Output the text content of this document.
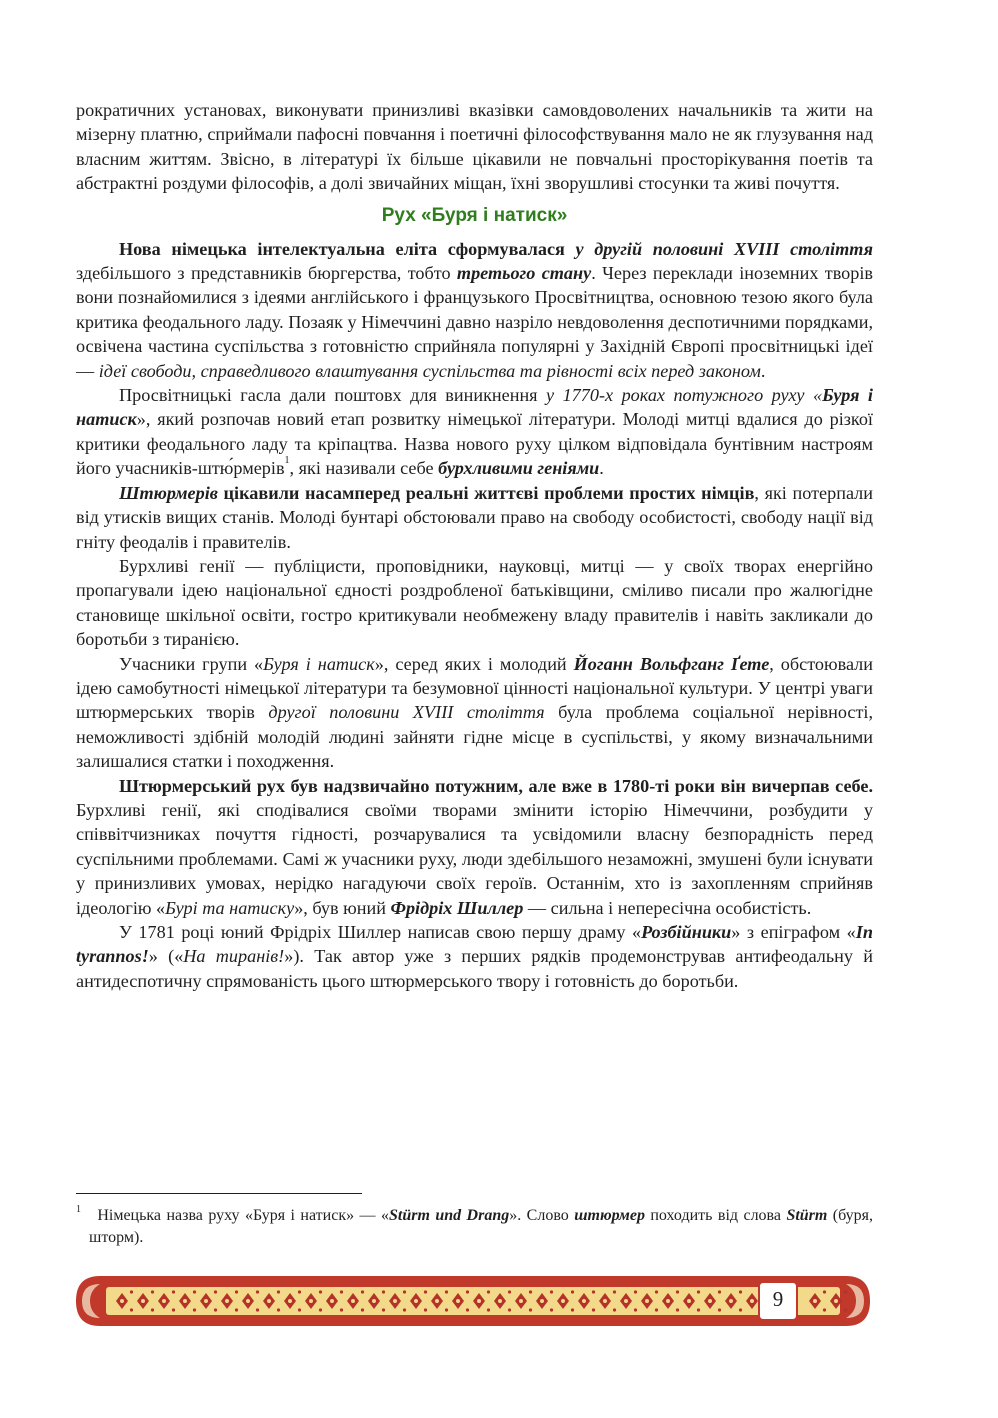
рократичних установах, виконувати принизливі вказівки самовдоволених начальників та жити на мізерну платню, сприймали пафосні повчання і поетичні філософствування мало не як глузування над власним життям. Звісно, в літературі їх більше цікавили не повчальні просторікування поетів та абстрактні роздуми філософів, а долі звичайних міщан, їхні зворушливі стосунки та живі почуття.

Рух «Буря і натиск»

Нова німецька інтелектуальна еліта сформувалася у другій половині XVIII століття здебільшого з представників бюргерства, тобто третього стану. Через переклади іноземних творів вони познайомилися з ідеями англійського і французького Просвітництва, основною тезою якого була критика феодального ладу. Позаяк у Німеччині давно назріло невдоволення деспотичними порядками, освічена частина суспільства з готовністю сприйняла популярні у Західній Європі просвітницькі ідеї — ідеї свободи, справедливого влаштування суспільства та рівності всіх перед законом.

Просвітницькі гасла дали поштовх для виникнення у 1770-х роках потужного руху «Буря і натиск», який розпочав новий етап розвитку німецької літератури. Молоді митці вдалися до різкої критики феодального ладу та кріпацтва. Назва нового руху цілком відповідала бунтівним настроям його учасників-штю́рмерів$^1$, які називали себе бурхливими геніями.

Штюрмерів цікавили насамперед реальні життєві проблеми простих німців, які потерпали від утисків вищих станів. Молоді бунтарі обстоювали право на свободу особистості, свободу нації від гніту феодалів і правителів.

Бурхливі генії — публіцисти, проповідники, науковці, митці — у своїх творах енергійно пропагували ідею національної єдності роздробленої батьківщини, сміливо писали про жалюгідне становище шкільної освіти, гостро критикували необмежену владу правителів і навіть закликали до боротьби з тиранією.

Учасники групи «Буря і натиск», серед яких і молодий Йоганн Вольфганг Ґете, обстоювали ідею самобутності німецької літератури та безумовної цінності національної культури. У центрі уваги штюрмерських творів другої половини XVIII століття була проблема соціальної нерівності, неможливості здібній молодій людині зайняти гідне місце в суспільстві, у якому визначальними залишалися статки і походження.

Штюрмерський рух був надзвичайно потужним, але вже в 1780-ті роки він вичерпав себе. Бурхливі генії, які сподівалися своїми творами змінити історію Німеччини, розбудити у співвітчизниках почуття гідності, розчарувалися та усвідомили власну безпорадність перед суспільними проблемами. Самі ж учасники руху, люди здебільшого незаможні, змушені були існувати у принизливих умовах, нерідко нагадуючи своїх героїв. Останнім, хто із захопленням сприйняв ідеологію «Бурі та натиску», був юний Фрідріх Шиллер — сильна і непересічна особистість.

У 1781 році юний Фрідріх Шиллер написав свою першу драму «Розбійники» з епіграфом «In tyrannos!» («На тиранів!»). Так автор уже з перших рядків продемонстрував антифеодальну й антидеспотичну спрямованість цього штюрмерського твору і готовність до боротьби.

$^1$ Німецька назва руху «Буря і натиск» — «Stürm und Drang». Слово штюрмер походить від слова Stürm (буря, шторм).
9
